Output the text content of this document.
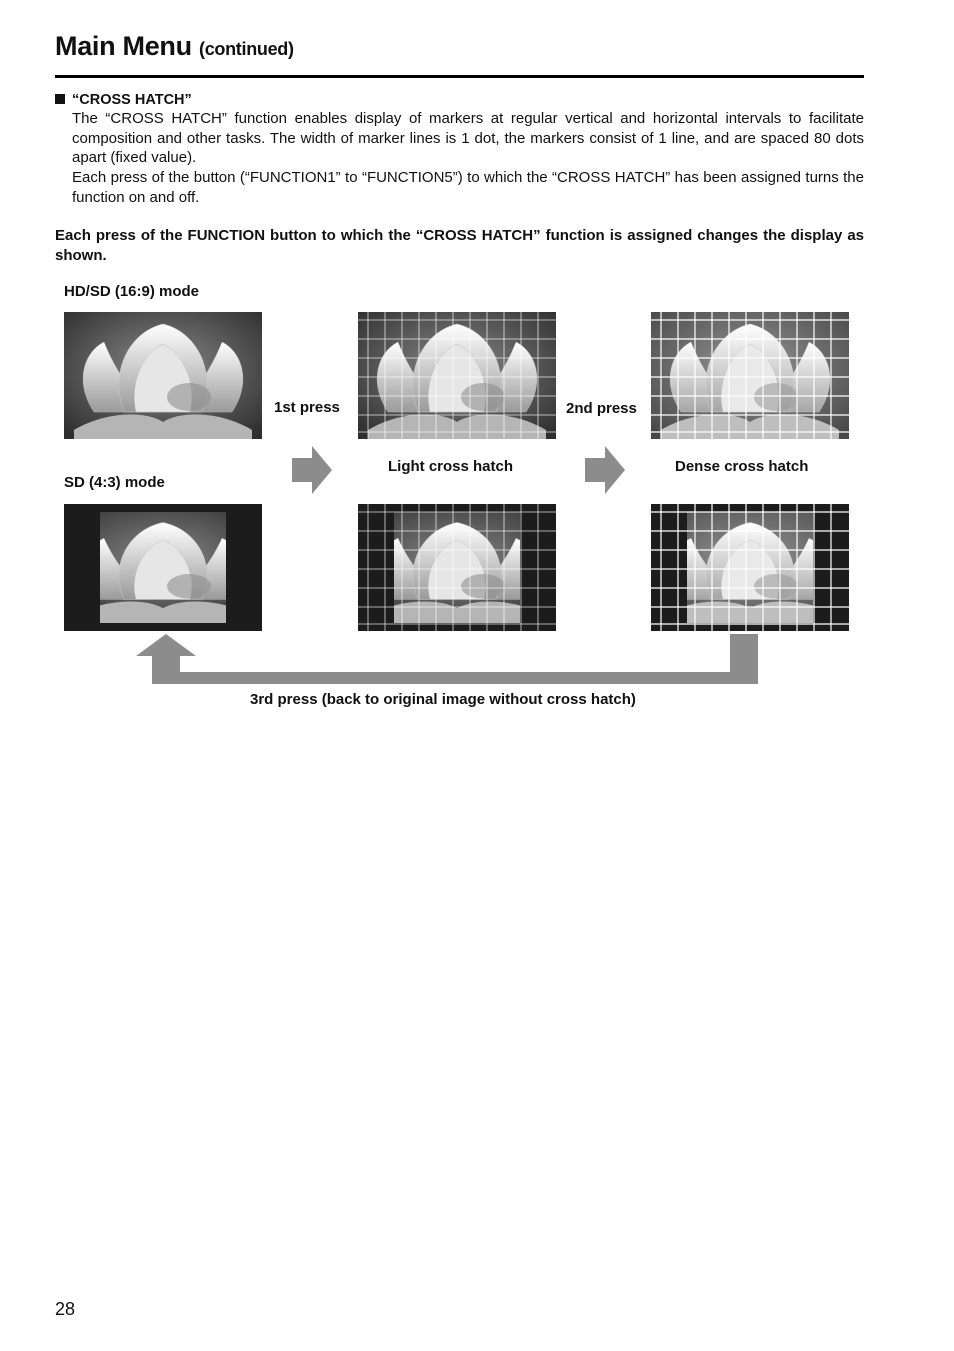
Main Menu (continued)
“CROSS HATCH”
The “CROSS HATCH” function enables display of markers at regular vertical and horizontal intervals to facilitate composition and other tasks. The width of marker lines is 1 dot, the markers consist of 1 line, and are spaced 80 dots apart (fixed value).
Each press of the button (“FUNCTION1” to “FUNCTION5”) to which the “CROSS HATCH” has been assigned turns the function on and off.
Each press of the FUNCTION button to which the “CROSS HATCH” function is assigned changes the display as shown.
HD/SD (16:9) mode
SD (4:3) mode
1st press	2nd press
Light cross hatch	Dense cross hatch
3rd press (back to original image without cross hatch)
28
